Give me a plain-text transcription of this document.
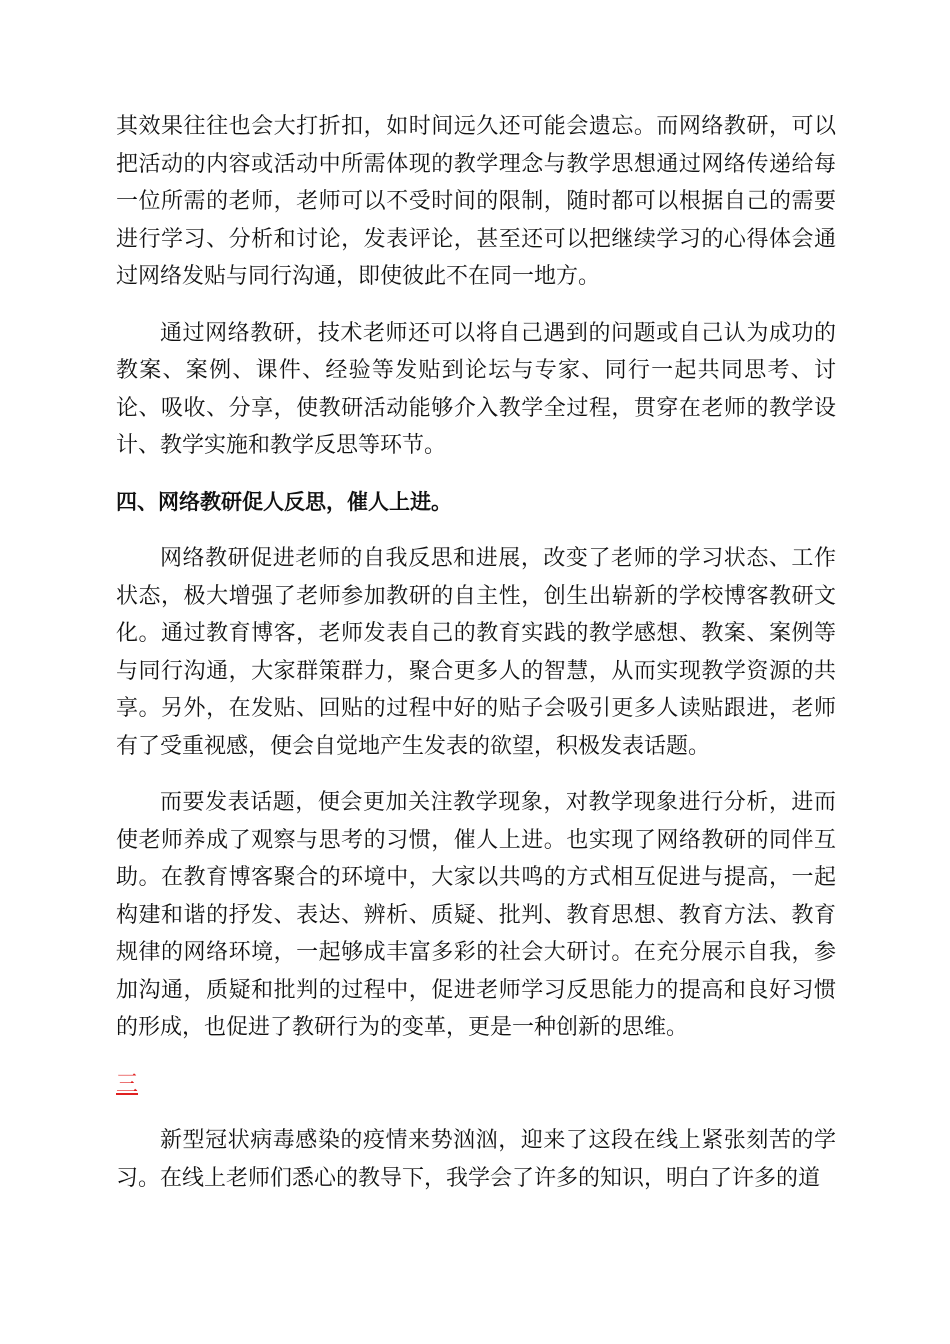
其效果往往也会大打折扣，如时间远久还可能会遗忘。而网络教研，可以把活动的内容或活动中所需体现的教学理念与教学思想通过网络传递给每一位所需的老师，老师可以不受时间的限制，随时都可以根据自己的需要进行学习、分析和讨论，发表评论，甚至还可以把继续学习的心得体会通过网络发贴与同行沟通，即使彼此不在同一地方。

通过网络教研，技术老师还可以将自己遇到的问题或自己认为成功的教案、案例、课件、经验等发贴到论坛与专家、同行一起共同思考、讨论、吸收、分享，使教研活动能够介入教学全过程，贯穿在老师的教学设计、教学实施和教学反思等环节。

四、网络教研促人反思，催人上进。

网络教研促进老师的自我反思和进展，改变了老师的学习状态、工作状态，极大增强了老师参加教研的自主性，创生出崭新的学校博客教研文化。通过教育博客，老师发表自己的教育实践的教学感想、教案、案例等与同行沟通，大家群策群力，聚合更多人的智慧，从而实现教学资源的共享。另外，在发贴、回贴的过程中好的贴子会吸引更多人读贴跟进，老师有了受重视感，便会自觉地产生发表的欲望，积极发表话题。

而要发表话题，便会更加关注教学现象，对教学现象进行分析，进而使老师养成了观察与思考的习惯，催人上进。也实现了网络教研的同伴互助。在教育博客聚合的环境中，大家以共鸣的方式相互促进与提高，一起构建和谐的抒发、表达、辨析、质疑、批判、教育思想、教育方法、教育规律的网络环境，一起够成丰富多彩的社会大研讨。在充分展示自我，参加沟通，质疑和批判的过程中，促进老师学习反思能力的提高和良好习惯的形成，也促进了教研行为的变革，更是一种创新的思维。

三

新型冠状病毒感染的疫情来势汹汹，迎来了这段在线上紧张刻苦的学习。在线上老师们悉心的教导下，我学会了许多的知识，明白了许多的道
